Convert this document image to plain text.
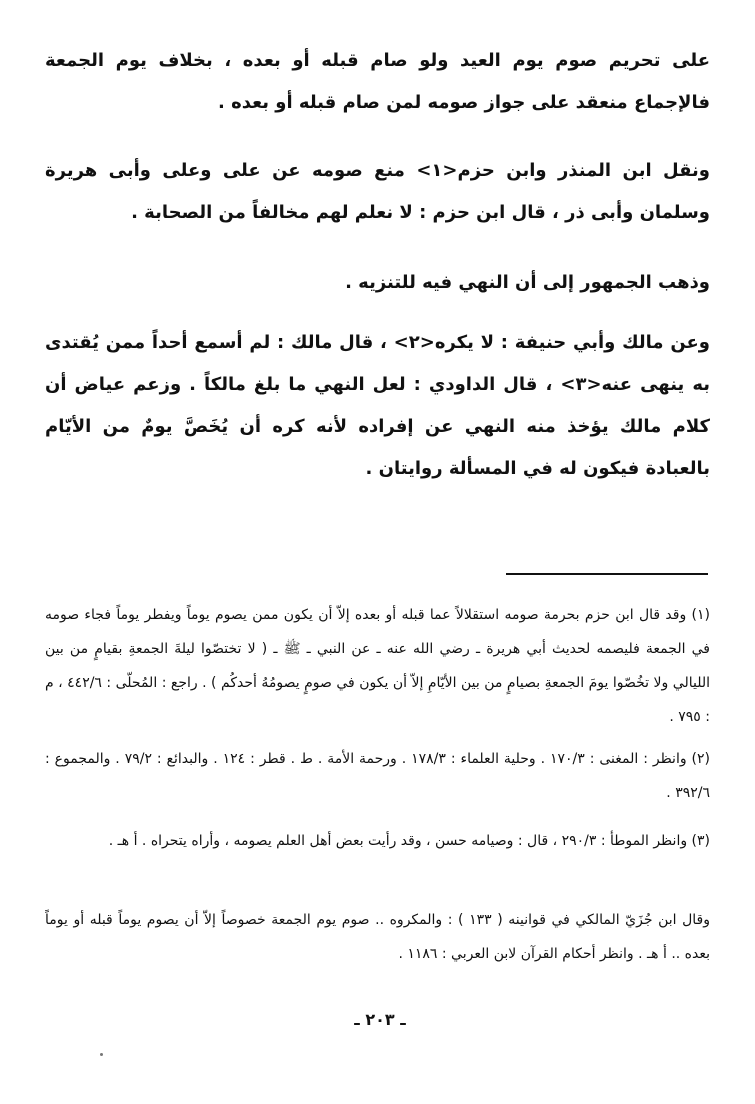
على تحريم صوم يوم العيد ولو صام قبله أو بعده ، بخلاف يوم الجمعة فالإجماع منعقد على جواز صومه لمن صام قبله أو بعده .

ونقل ابن المنذر وابن حزم<١> منع صومه عن على وعلى وأبى هريرة وسلمان وأبى ذر ، قال ابن حزم : لا نعلم لهم مخالفاً من الصحابة .

وذهب الجمهور إلى أن النهي فيه للتنزيه .

وعن مالك وأبي حنيفة : لا يكره<٢> ، قال مالك : لم أسمع أحداً ممن يُقتدى به ينهى عنه<٣> ، قال الداودي : لعل النهي ما بلغ مالكاً . وزعم عياض أن كلام مالك يؤخذ منه النهي عن إفراده لأنه كره أن يُخَصَّ يومٌ من الأيّام بالعبادة فيكون له في المسألة روايتان .

(١) وقد قال ابن حزم بحرمة صومه استقلالاً عما قبله أو بعده إلاّ أن يكون ممن يصوم يوماً ويفطر يوماً فجاء صومه في الجمعة فليصمه لحديث أبي هريرة ـ رضي الله عنه ـ عن النبي ـ ﷺ ـ ( لا تختصّوا ليلةَ الجمعةِ بقيامٍ من بين الليالي ولا تخُصّوا يومَ الجمعةِ بصيامٍ من بين الأيّامِ إلاّ أن يكون في صومٍ يصومُهُ أحدكُم ) . راجع : المُحلّى : ٤٤٢/٦ ، م : ٧٩٥ .

(٢) وانظر : المغنى : ١٧٠/٣ . وحلية العلماء : ١٧٨/٣ . ورحمة الأمة . ط . قطر : ١٢٤ . والبدائع : ٧٩/٢ . والمجموع : ٣٩٢/٦ .

(٣) وانظر الموطأ : ٢٩٠/٣ ، قال : وصيامه حسن ، وقد رأيت بعض أهل العلم يصومه ، وأراه يتحراه . أ هـ .

وقال ابن جُزَيّ المالكي في قوانينه ( ١٣٣ ) : والمكروه .. صوم يوم الجمعة خصوصاً إلاّ أن يصوم يوماً قبله أو يوماً بعده .. أ هـ . وانظر أحكام القرآن لابن العربي : ١١٨٦ .

ـ ٢٠٣ ـ
